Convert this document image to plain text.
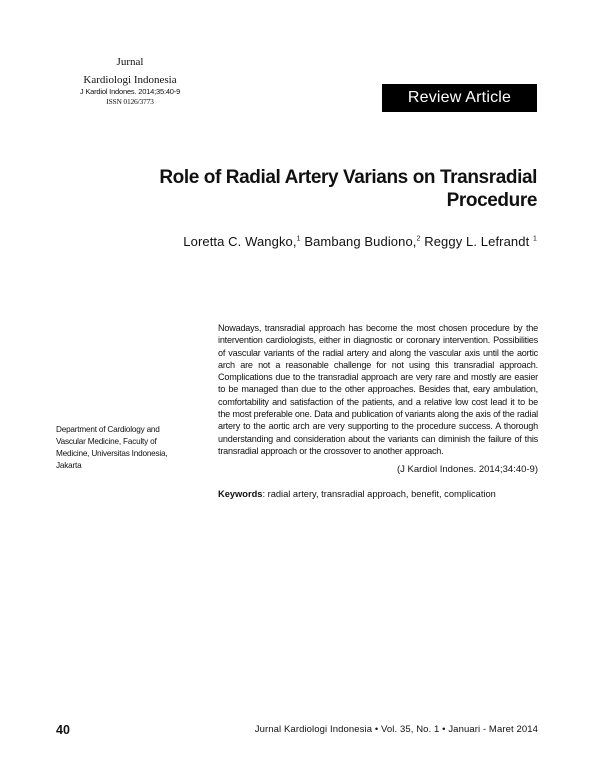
Jurnal
Kardiologi Indonesia
J Kardiol Indones. 2014;35:40-9
ISSN 0126/3773	Review Article
Role of Radial Artery Varians on Transradial
Procedure
Loretta C. Wangko,$^1$ Bambang Budiono,$^2$ Reggy L. Lefrandt $^1$

Nowadays, transradial approach has become the most chosen procedure by the intervention cardiologists, either in diagnostic or coronary intervention. Possibilities of vascular variants of the radial artery and along the vascular axis until the aortic arch are not a reasonable challenge for not using this transradial approach. Complications due to the transradial approach are very rare and mostly are easier to be managed than due to the other approaches. Besides that, eary ambulation, comfortability and satisfaction of the patients, and a relative low cost lead it to be the most preferable one. Data and publication of variants along the axis of the radial artery to the aortic arch are very supporting to the procedure success. A thorough understanding and consideration about the variants can diminish the failure of this transradial approach or the crossover to another approach.

(J Kardiol Indones. 2014;34:40-9)
Keywords: radial artery, transradial approach, benefit, complication
Department of Cardiology and Vascular Medicine, Faculty of Medicine, Universitas Indonesia, Jakarta
40	Jurnal Kardiologi Indonesia • Vol. 35, No. 1 • Januari - Maret 2014
